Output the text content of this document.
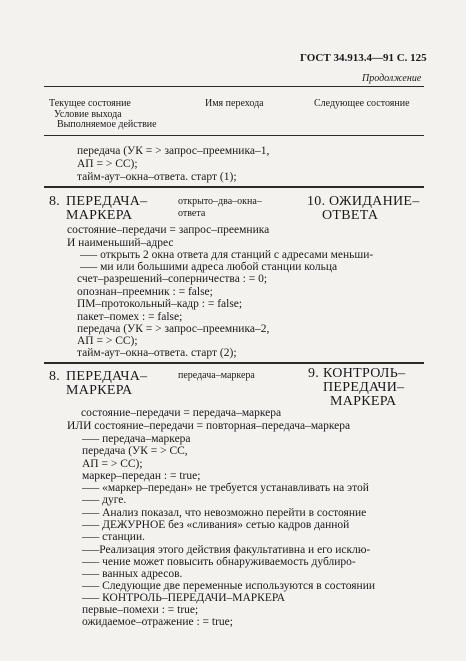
ГОСТ 34.913.4—91 С. 125
Продолжение
Текущее состояние
Условие выхода
Выполняемое действие
Имя перехода	Следующее состояние
передача (УК = > запрос–преемника–1,
АП = > СС);
тайм-аут–окна–ответа. старт (1);
8. ПЕРЕДАЧА–
МАРКЕРА
открыто–два–окна–
ответа
10. ОЖИДАНИЕ–
ОТВЕТА
состояние–передачи = запрос–преемника
И наименьший–адрес
—– открыть 2 окна ответа для станций с адресами меньши-
—– ми или большими адреса любой станции кольца
счет–разрешений–соперничества : = 0;
опознан–преемник : = false;
ПМ–протокольный–кадр : = false;
пакет–помех : = false;
передача (УК = > запрос–преемника–2,
АП = > СС);
тайм-аут–окна–ответа. старт (2);
8. ПЕРЕДАЧА–
МАРКЕРА
передача–маркера	9. КОНТРОЛЬ–
ПЕРЕДАЧИ–
МАРКЕРА
состояние–передачи = передача–маркера
ИЛИ состояние–передачи = повторная–передача–маркера
—– передача–маркера
передача (УК = > СС,
АП = > СС);
маркер–передан : = true;
—– «маркер–передан» не требуется устанавливать на этой
—– дуге.
—– Анализ показал, что невозможно перейти в состояние
—– ДЕЖУРНОЕ без «сливания» сетью кадров данной
—– станции.
—–Реализация этого действия факультативна и его исклю-
—– чение может повысить обнаруживаемость дублиро-
—– ванных адресов.
—– Следующие две переменные используются в состоянии
—– КОНТРОЛЬ–ПЕРЕДАЧИ–МАРКЕРА
первые–помехи : = true;
ожидаемое–отражение : = true;
